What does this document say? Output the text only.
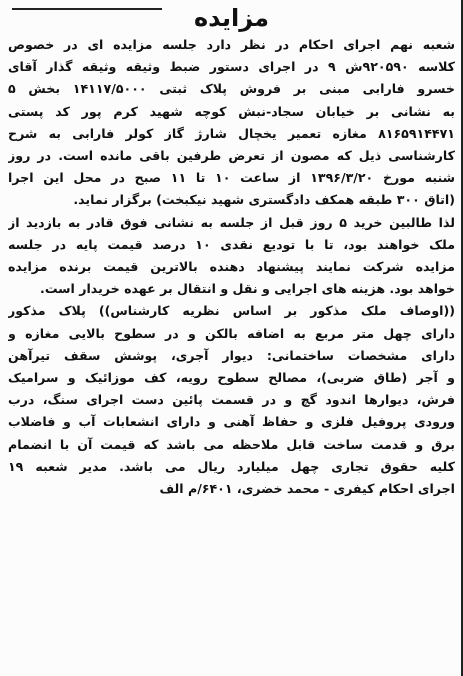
مزایده

شعبه نهم اجرای احکام در نظر دارد جلسه مزایده ای در خصوص

کلاسه ۹۲۰۵۹۰ش ۹ در اجرای دستور ضبط وثیقه وثیقه گذار آقای

خسرو فارابی مبنی بر فروش پلاک ثبتی ۱۴۱۱۷/۵۰۰۰ بخش ۵

به نشانی بر خیابان سجاد-نبش کوچه شهید کرم پور کد پستی

۸۱۶۵۹۱۴۴۷۱ مغازه تعمیر یخچال شارژ گاز کولر فارابی به شرح

کارشناسی ذیل که مصون از تعرض طرفین باقی مانده است. در روز

شنبه مورخ ۱۳۹۶/۳/۲۰ از ساعت ۱۰ تا ۱۱ صبح در محل این اجرا

(اتاق ۳۰۰ طبقه همکف دادگستری شهید نیکبخت) برگزار نماید.

لذا طالبین خرید ۵ روز قبل از جلسه به نشانی فوق قادر به بازدید از

ملک خواهند بود، تا با تودیع نقدی ۱۰ درصد قیمت پایه در جلسه

مزایده شرکت نمایند پیشنهاد دهنده بالاترین قیمت برنده مزایده

خواهد بود. هزینه های اجرایی و نقل و انتقال بر عهده خریدار است.

((اوصاف ملک مذکور بر اساس نظریه کارشناس)) پلاک مذکور

دارای چهل متر مربع به اضافه بالکن و در سطوح بالایی مغازه و

دارای مشخصات ساختمانی: دیوار آجری، پوشش سقف تیرآهن

و آجر (طاق ضربی)، مصالح سطوح رویه، کف موزائیک و سرامیک

فرش، دیوارها اندود گچ و در قسمت پائین دست اجرای سنگ، درب

ورودی پروفیل فلزی و حفاظ آهنی و دارای انشعابات آب و فاضلاب

برق و قدمت ساخت قابل ملاحظه می باشد که قیمت آن با انضمام

کلیه حقوق تجاری چهل میلیارد ریال می باشد. مدیر شعبه ۱۹

اجرای احکام کیفری - محمد خضری، ۶۴۰۱/م الف
